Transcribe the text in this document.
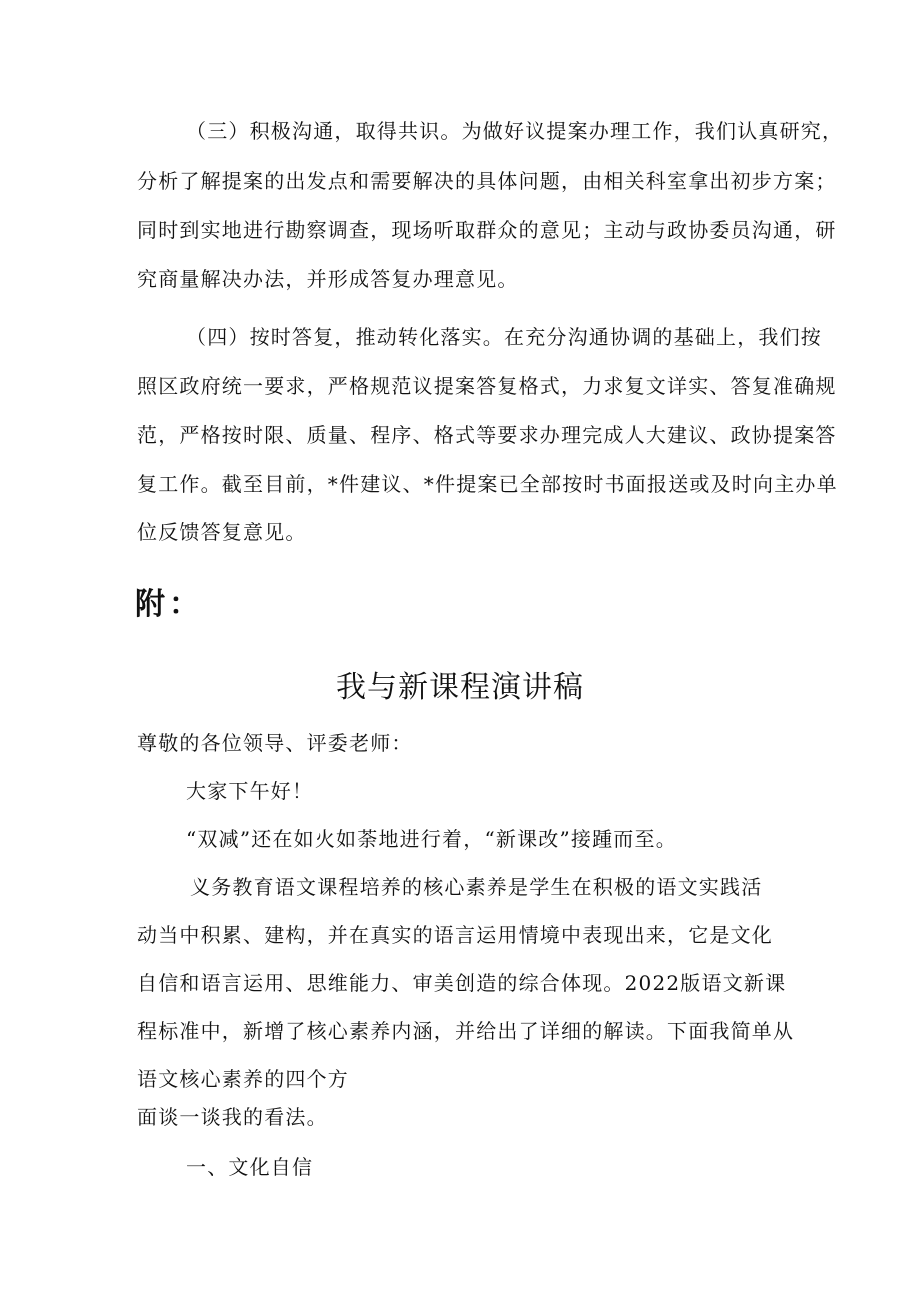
（三）积极沟通，取得共识。为做好议提案办理工作，我们认真研究，
分析了解提案的出发点和需要解决的具体问题，由相关科室拿出初步方案；
同时到实地进行勘察调查，现场听取群众的意见；主动与政协委员沟通，研
究商量解决办法，并形成答复办理意见。
（四）按时答复，推动转化落实。在充分沟通协调的基础上，我们按
照区政府统一要求，严格规范议提案答复格式，力求复文详实、答复准确规
范，严格按时限、质量、程序、格式等要求办理完成人大建议、政协提案答
复工作。截至目前，*件建议、*件提案已全部按时书面报送或及时向主办单
位反馈答复意见。
附：
我与新课程演讲稿
尊敬的各位领导、评委老师：
大家下午好！
“双减”还在如火如荼地进行着，“新课改”接踵而至。
义务教育语文课程培养的核心素养是学生在积极的语文实践活
动当中积累、建构，并在真实的语言运用情境中表现出来，它是文化
自信和语言运用、思维能力、审美创造的综合体现。2022版语文新课
程标准中，新增了核心素养内涵，并给出了详细的解读。下面我简单从
语文核心素养的四个方
面谈一谈我的看法。
一、文化自信
